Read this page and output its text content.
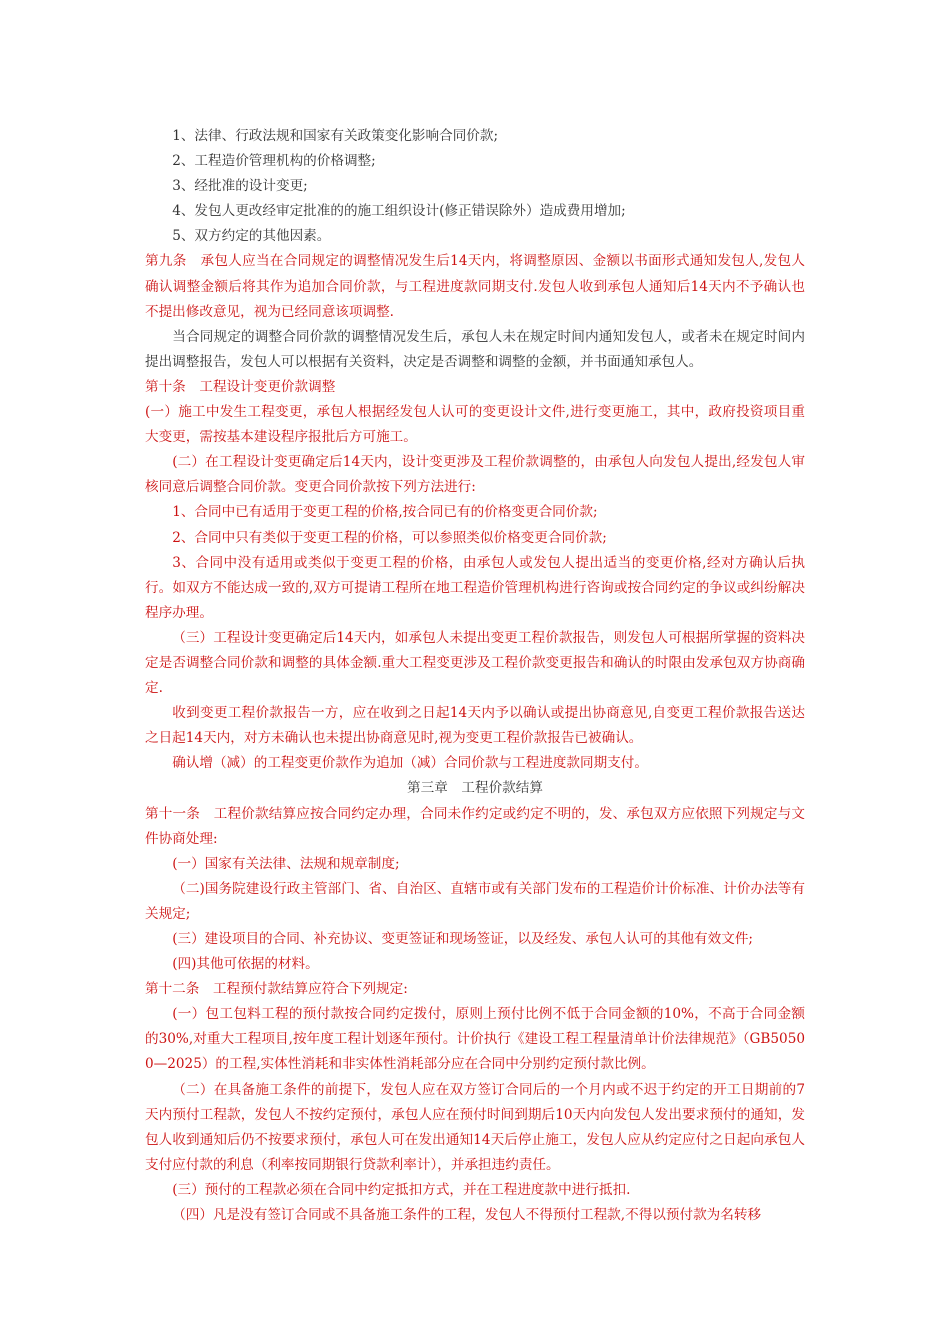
1、法律、行政法规和国家有关政策变化影响合同价款;

2、工程造价管理机构的价格调整;

3、经批准的设计变更;

4、发包人更改经审定批准的的施工组织设计(修正错误除外）造成费用增加;

5、双方约定的其他因素。

第九条　承包人应当在合同规定的调整情况发生后14天内，将调整原因、金额以书面形式通知发包人,发包人确认调整金额后将其作为追加合同价款，与工程进度款同期支付.发包人收到承包人通知后14天内不予确认也不提出修改意见，视为已经同意该项调整.

当合同规定的调整合同价款的调整情况发生后，承包人未在规定时间内通知发包人，或者未在规定时间内提出调整报告，发包人可以根据有关资料，决定是否调整和调整的金额，并书面通知承包人。

第十条　工程设计变更价款调整

(一）施工中发生工程变更，承包人根据经发包人认可的变更设计文件,进行变更施工，其中，政府投资项目重大变更，需按基本建设程序报批后方可施工。

(二）在工程设计变更确定后14天内，设计变更涉及工程价款调整的，由承包人向发包人提出,经发包人审核同意后调整合同价款。变更合同价款按下列方法进行:

1、合同中已有适用于变更工程的价格,按合同已有的价格变更合同价款;

2、合同中只有类似于变更工程的价格，可以参照类似价格变更合同价款;

3、合同中没有适用或类似于变更工程的价格，由承包人或发包人提出适当的变更价格,经对方确认后执行。如双方不能达成一致的,双方可提请工程所在地工程造价管理机构进行咨询或按合同约定的争议或纠纷解决程序办理。

（三）工程设计变更确定后14天内，如承包人未提出变更工程价款报告，则发包人可根据所掌握的资料决定是否调整合同价款和调整的具体金额.重大工程变更涉及工程价款变更报告和确认的时限由发承包双方协商确定.

收到变更工程价款报告一方，应在收到之日起14天内予以确认或提出协商意见,自变更工程价款报告送达之日起14天内，对方未确认也未提出协商意见时,视为变更工程价款报告已被确认。

确认增（减）的工程变更价款作为追加（减）合同价款与工程进度款同期支付。

第三章　工程价款结算

第十一条　工程价款结算应按合同约定办理，合同未作约定或约定不明的，发、承包双方应依照下列规定与文件协商处理:

(一）国家有关法律、法规和规章制度;

（二)国务院建设行政主管部门、省、自治区、直辖市或有关部门发布的工程造价计价标准、计价办法等有关规定;

(三）建设项目的合同、补充协议、变更签证和现场签证，以及经发、承包人认可的其他有效文件;

(四)其他可依据的材料。

第十二条　工程预付款结算应符合下列规定:

(一）包工包料工程的预付款按合同约定拨付，原则上预付比例不低于合同金额的10%，不高于合同金额的30%,对重大工程项目,按年度工程计划逐年预付。计价执行《建设工程工程量清单计价法律规范》（GB50500—2025）的工程,实体性消耗和非实体性消耗部分应在合同中分别约定预付款比例。

（二）在具备施工条件的前提下，发包人应在双方签订合同后的一个月内或不迟于约定的开工日期前的7天内预付工程款，发包人不按约定预付，承包人应在预付时间到期后10天内向发包人发出要求预付的通知，发包人收到通知后仍不按要求预付，承包人可在发出通知14天后停止施工，发包人应从约定应付之日起向承包人支付应付款的利息（利率按同期银行贷款利率计），并承担违约责任。

(三）预付的工程款必须在合同中约定抵扣方式，并在工程进度款中进行抵扣.

（四）凡是没有签订合同或不具备施工条件的工程，发包人不得预付工程款,不得以预付款为名转移
